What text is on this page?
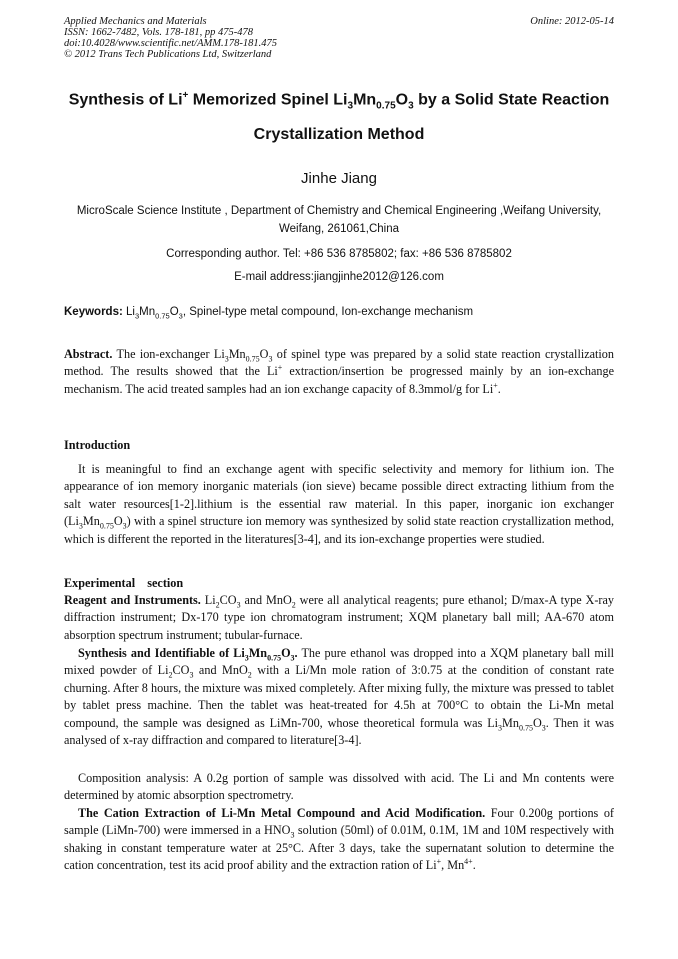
Applied Mechanics and Materials
ISSN: 1662-7482, Vols. 178-181, pp 475-478
doi:10.4028/www.scientific.net/AMM.178-181.475
© 2012 Trans Tech Publications Ltd, Switzerland
Online: 2012-05-14
Synthesis of Li+ Memorized Spinel $Li_3Mn_{0.75}O_3$ by a Solid State Reaction
Crystallization Method
Jinhe Jiang
MicroScale Science Institute , Department of Chemistry and Chemical Engineering ,Weifang University, Weifang, 261061,China
Corresponding author. Tel: +86 536 8785802; fax: +86 536 8785802
E-mail address:jiangjinhe2012@126.com
Keywords: $Li_3Mn_{0.75}O_3$, Spinel-type metal compound, Ion-exchange mechanism
Abstract. The ion-exchanger $Li_3Mn_{0.75}O_3$ of spinel type was prepared by a solid state reaction crystallization method. The results showed that the Li+ extraction/insertion be progressed mainly by an ion-exchange mechanism. The acid treated samples had an ion exchange capacity of 8.3mmol/g for Li+.
Introduction
It is meaningful to find an exchange agent with specific selectivity and memory for lithium ion. The appearance of ion memory inorganic materials (ion sieve) became possible direct extracting lithium from the salt water resources[1-2].lithium is the essential raw material. In this paper, inorganic ion exchanger $(Li_3Mn_{0.75}O_3)$ with a spinel structure ion memory was synthesized by solid state reaction crystallization method, which is different the reported in the literatures[3-4], and its ion-exchange properties were studied.
Experimental    section
Reagent and Instruments. $Li_2CO_3$ and MnO$_2$ were all analytical reagents; pure ethanol; D/max-A type X-ray diffraction instrument; Dx-170 type ion chromatogram instrument; XQM planetary ball mill; AA-670 atom absorption spectrum instrument; tubular-furnace.
Synthesis and Identifiable of $Li_3Mn_{0.75}O_3$. The pure ethanol was dropped into a XQM planetary ball mill mixed powder of $Li_2CO_3$ and MnO$_2$ with a Li/Mn mole ration of 3:0.75 at the condition of constant rate churning. After 8 hours, the mixture was mixed completely. After mixing fully, the mixture was pressed to tablet by tablet press machine. Then the tablet was heat-treated for 4.5h at 700°C to obtain the Li-Mn metal compound, the sample was designed as LiMn-700, whose theoretical formula was $Li_3Mn_{0.75}O_3$. Then it was analysed of x-ray diffraction and compared to literature[3-4].
Composition analysis: A 0.2g portion of sample was dissolved with acid. The Li and Mn contents were determined by atomic absorption spectrometry.
The Cation Extraction of Li-Mn Metal Compound and Acid Modification. Four 0.200g portions of sample (LiMn-700) were immersed in a $HNO_3$ solution (50ml) of 0.01M, 0.1M, 1M and 10M respectively with shaking in constant temperature water at 25°C. After 3 days, take the supernatant solution to determine the cation concentration, test its acid proof ability and the extraction ration of Li+, $Mn^{4+}$.
